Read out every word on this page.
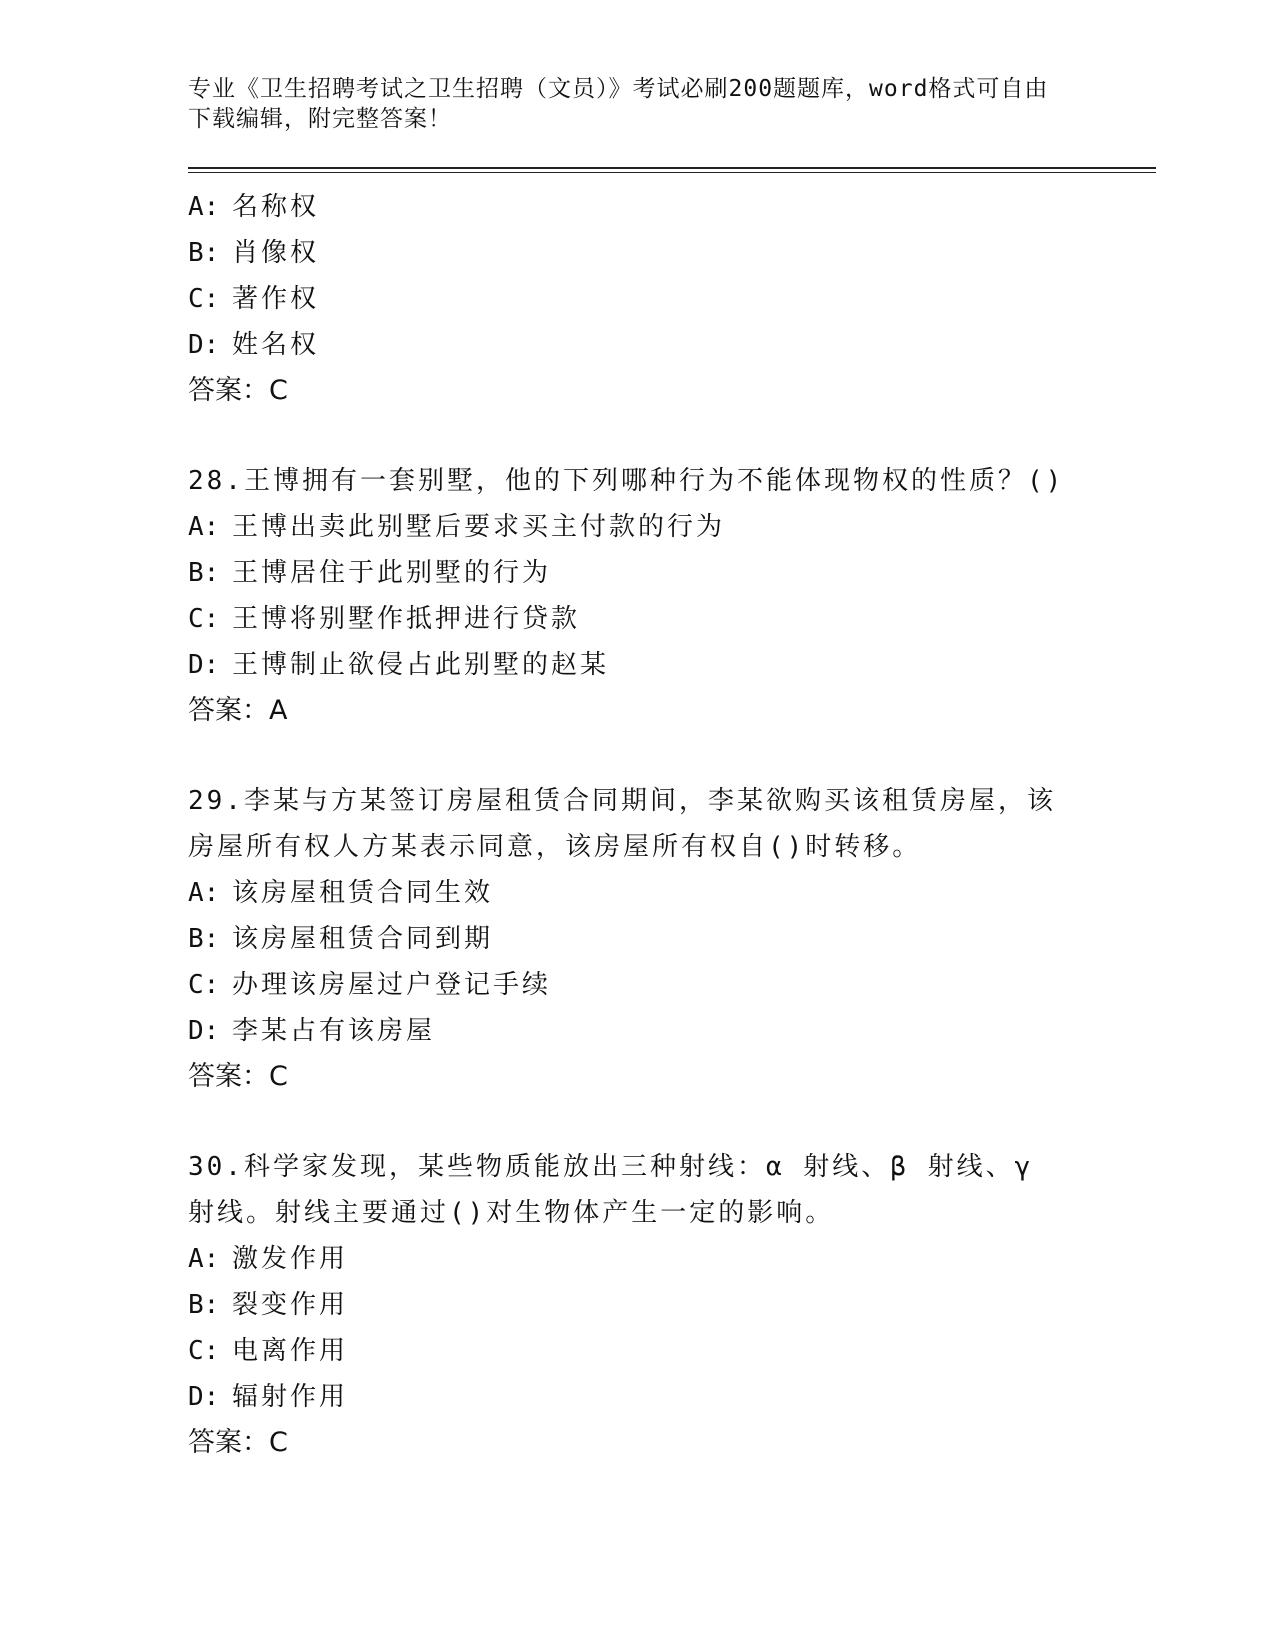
专业《卫生招聘考试之卫生招聘（文员）》考试必刷200题题库，word格式可自由下载编辑，附完整答案！
A: 名称权
B: 肖像权
C: 著作权
D: 姓名权
答案：C
28.王博拥有一套别墅，他的下列哪种行为不能体现物权的性质？()
A: 王博出卖此别墅后要求买主付款的行为
B: 王博居住于此别墅的行为
C: 王博将别墅作抵押进行贷款
D: 王博制止欲侵占此别墅的赵某
答案：A
29.李某与方某签订房屋租赁合同期间，李某欲购买该租赁房屋，该房屋所有权人方某表示同意，该房屋所有权自()时转移。
A: 该房屋租赁合同生效
B: 该房屋租赁合同到期
C: 办理该房屋过户登记手续
D: 李某占有该房屋
答案：C
30.科学家发现，某些物质能放出三种射线：α 射线、β 射线、γ 射线。射线主要通过()对生物体产生一定的影响。
A: 激发作用
B: 裂变作用
C: 电离作用
D: 辐射作用
答案：C
